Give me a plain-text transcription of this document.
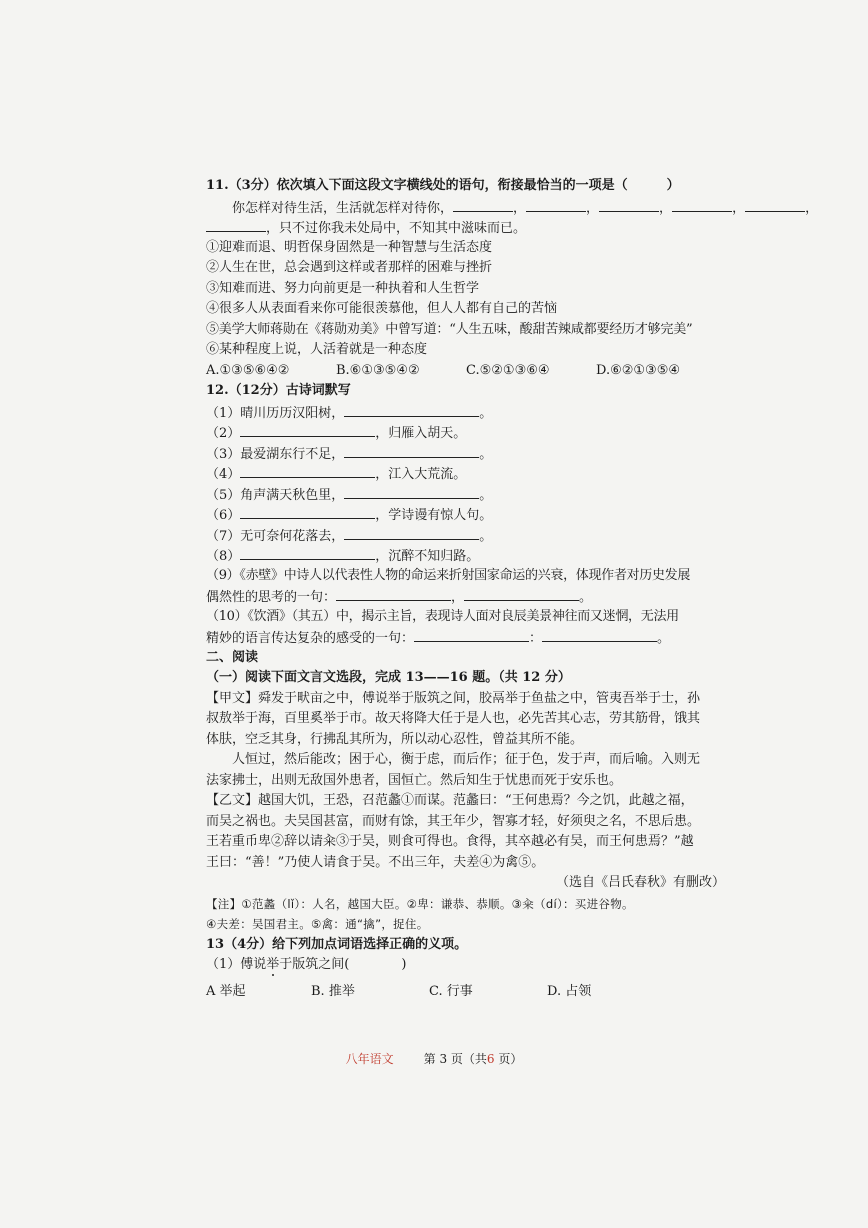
11.（3分）依次填入下面这段文字横线处的语句，衔接最恰当的一项是（　　　）
你怎样对待生活，生活就怎样对待你，	，	，	，	，	，
，只不过你我未处局中，不知其中滋味而已。
①迎难而退、明哲保身固然是一种智慧与生活态度
②人生在世，总会遇到这样或者那样的困难与挫折
③知难而进、努力向前更是一种执着和人生哲学
④很多人从表面看来你可能很羡慕他，但人人都有自己的苦恼
⑤美学大师蒋勋在《蒋勋劝美》中曾写道：“人生五味，酸甜苦辣咸都要经历才够完美”
⑥某种程度上说，人活着就是一种态度
A.①③⑤⑥④②	B.⑥①③⑤④②	C.⑤②①③⑥④	D.⑥②①③⑤④
12.（12分）古诗词默写
（1）晴川历历汉阳树，	。
（2）	，归雁入胡天。
（3）最爱湖东行不足，	。
（4）	，江入大荒流。
（5）角声满天秋色里，	。
（6）	，学诗谩有惊人句。
（7）无可奈何花落去，	。
（8）	，沉醉不知归路。
（9）《赤壁》中诗人以代表性人物的命运来折射国家命运的兴衰，体现作者对历史发展
偶然性的思考的一句：	，	。
（10）《饮酒》（其五）中，揭示主旨，表现诗人面对良辰美景神往而又迷惘，无法用
精妙的语言传达复杂的感受的一句：	：	。
二、阅读
（一）阅读下面文言文选段，完成 13——16 题。（共 12 分）
【甲文】舜发于畎亩之中，傅说举于版筑之间，胶鬲举于鱼盐之中，管夷吾举于士，孙
叔敖举于海，百里奚举于市。故天将降大任于是人也，必先苦其心志，劳其筋骨，饿其
体肤，空乏其身，行拂乱其所为，所以动心忍性，曾益其所不能。
人恒过，然后能改；困于心，衡于虑，而后作；征于色，发于声，而后喻。入则无
法家拂士，出则无敌国外患者，国恒亡。然后知生于忧患而死于安乐也。
【乙文】越国大饥，王恐，召范蠡①而谋。范蠡曰：“王何患焉？今之饥，此越之福，
而吴之祸也。夫吴国甚富，而财有馀，其王年少，智寡才轻，好须臾之名，不思后患。
王若重币卑②辞以请籴③于吴，则食可得也。食得，其卒越必有吴，而王何患焉？”越
王曰：“善！”乃使人请食于吴。不出三年，夫差④为禽⑤。
（选自《吕氏春秋》有删改）
【注】①范蠡（lǐ）：人名，越国大臣。②卑：谦恭、恭顺。③籴（dí）：买进谷物。
④夫差：吴国君主。⑤禽：通“擒”，捉住。
13（4分）给下列加点词语选择正确的义项。
（1）傅说举于版筑之间(　　　　)
A 举起	B. 推举	C. 行事	D. 占领
八年语文	第 3 页（共6 页）
